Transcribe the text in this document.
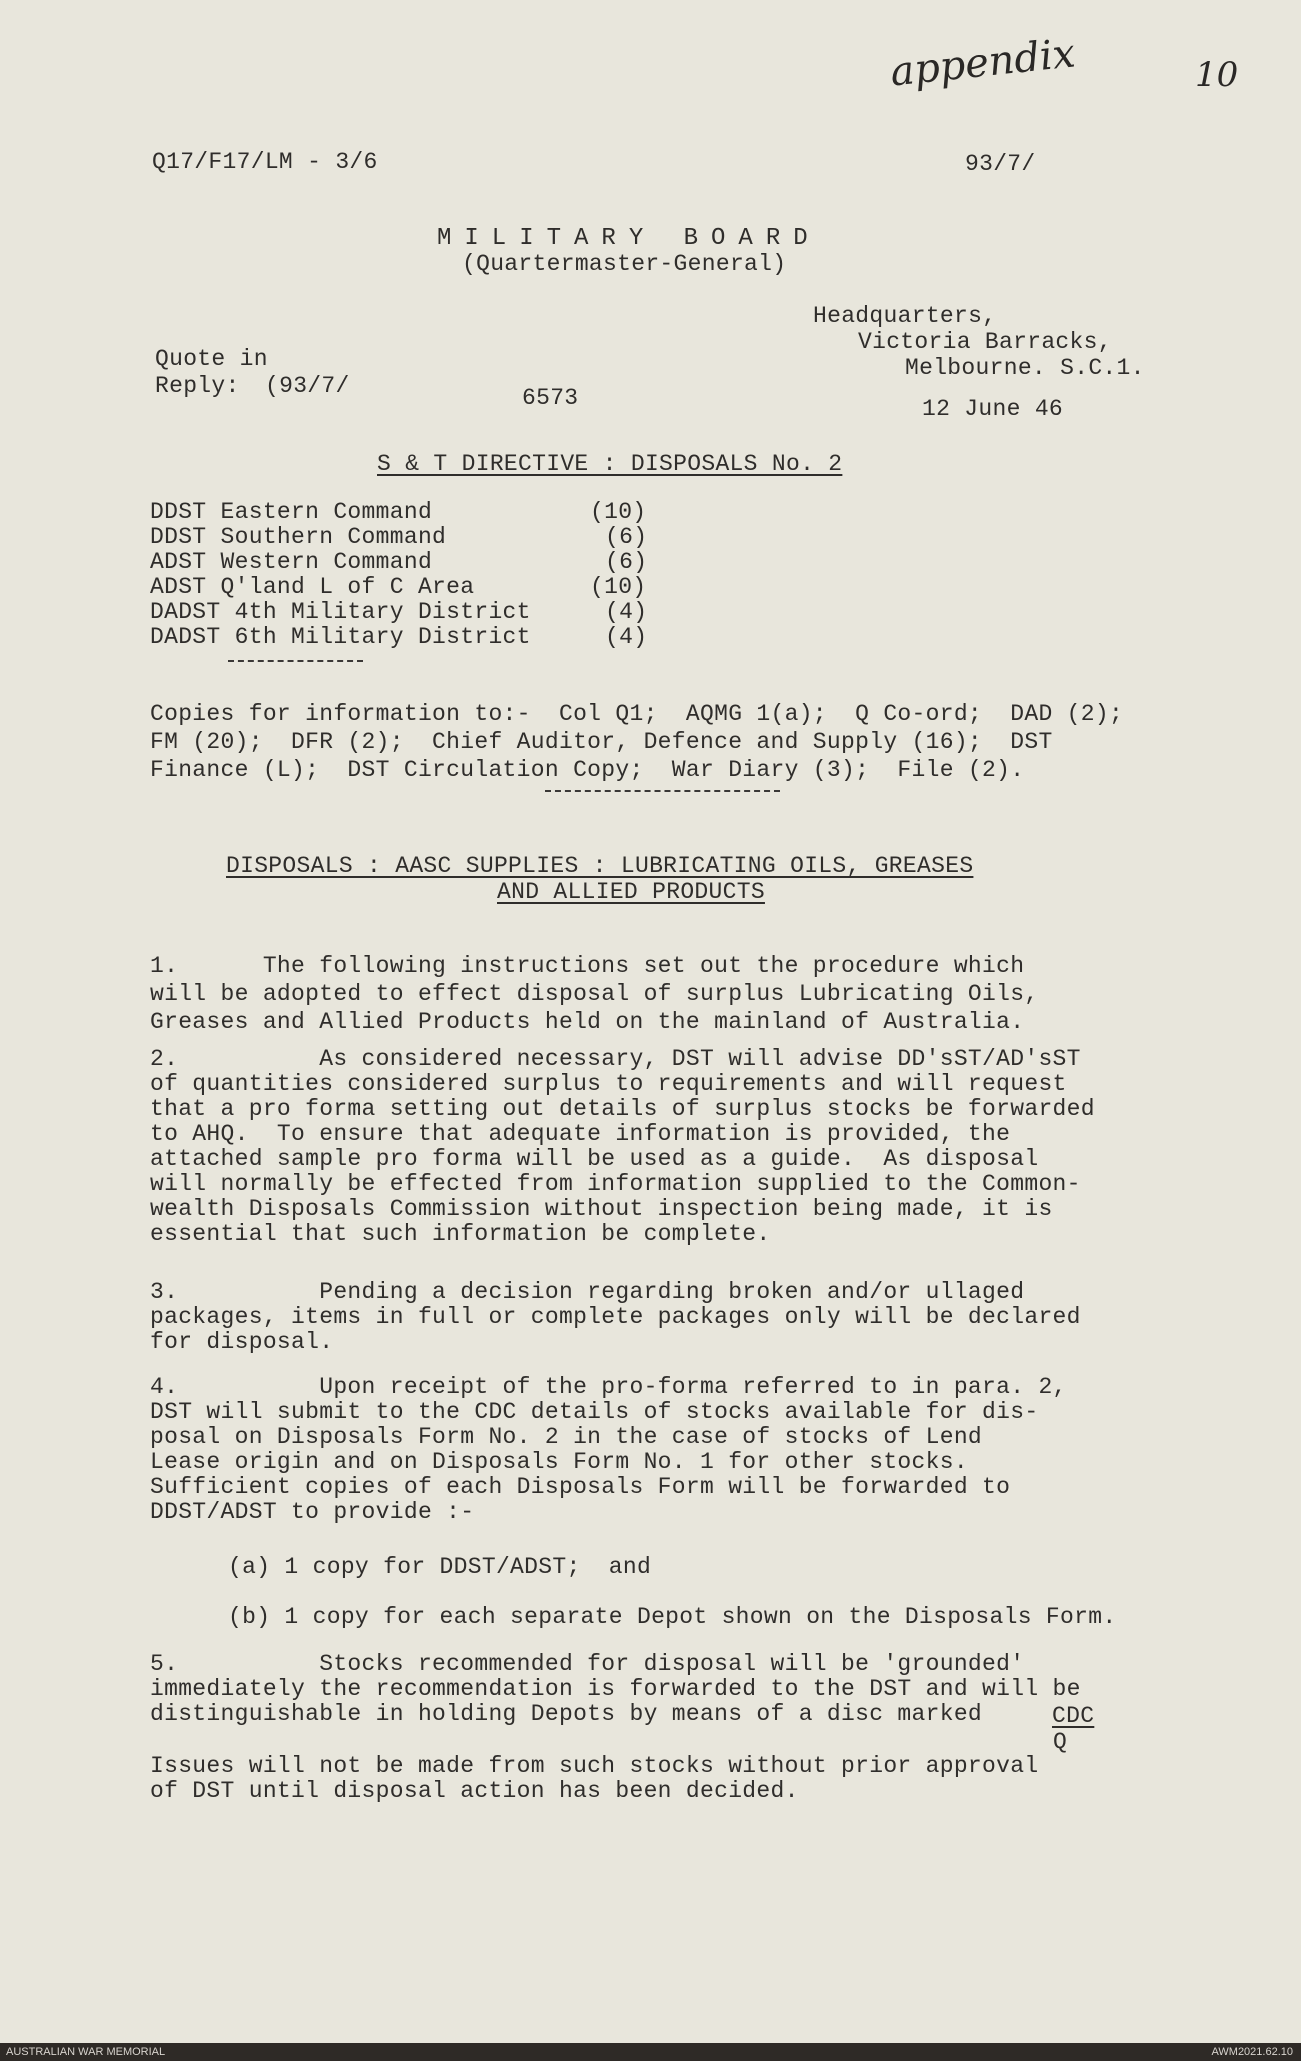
appendix	10
Q17/F17/LM - 3/6	93/7/
MILITARY BOARD
(Quartermaster-General)
Headquarters,
Victoria Barracks,
Melbourne. S.C.1.
Quote in
Reply: (93/7/	6573	12 June 46
S & T DIRECTIVE : DISPOSALS No. 2
DDST Eastern Command	(10)
DDST Southern Command	(6)
ADST Western Command	(6)
ADST Q'land L of C Area	(10)
DADST 4th Military District	(4)
DADST 6th Military District	(4)
Copies for information to:-  Col Q1;  AQMG 1(a);  Q Co-ord;  DAD (2);
FM (20);  DFR (2);  Chief Auditor, Defence and Supply (16);  DST
Finance (L);  DST Circulation Copy;  War Diary (3);  File (2).
DISPOSALS : AASC SUPPLIES : LUBRICATING OILS, GREASES
AND ALLIED PRODUCTS
1.      The following instructions set out the procedure which
will be adopted to effect disposal of surplus Lubricating Oils,
Greases and Allied Products held on the mainland of Australia.
2.          As considered necessary, DST will advise DD'sST/AD'sST
of quantities considered surplus to requirements and will request
that a pro forma setting out details of surplus stocks be forwarded
to AHQ.  To ensure that adequate information is provided, the
attached sample pro forma will be used as a guide.  As disposal
will normally be effected from information supplied to the Common-
wealth Disposals Commission without inspection being made, it is
essential that such information be complete.
3.          Pending a decision regarding broken and/or ullaged
packages, items in full or complete packages only will be declared
for disposal.
4.          Upon receipt of the pro-forma referred to in para. 2,
DST will submit to the CDC details of stocks available for dis-
posal on Disposals Form No. 2 in the case of stocks of Lend
Lease origin and on Disposals Form No. 1 for other stocks.
Sufficient copies of each Disposals Form will be forwarded to
DDST/ADST to provide :-
(a) 1 copy for DDST/ADST;  and
(b) 1 copy for each separate Depot shown on the Disposals Form.
5.          Stocks recommended for disposal will be 'grounded'
immediately the recommendation is forwarded to the DST and will be
distinguishable in holding Depots by means of a disc marked	CDC
Q
Issues will not be made from such stocks without prior approval
of DST until disposal action has been decided.
AUSTRALIAN WAR MEMORIAL	AWM2021.62.10
